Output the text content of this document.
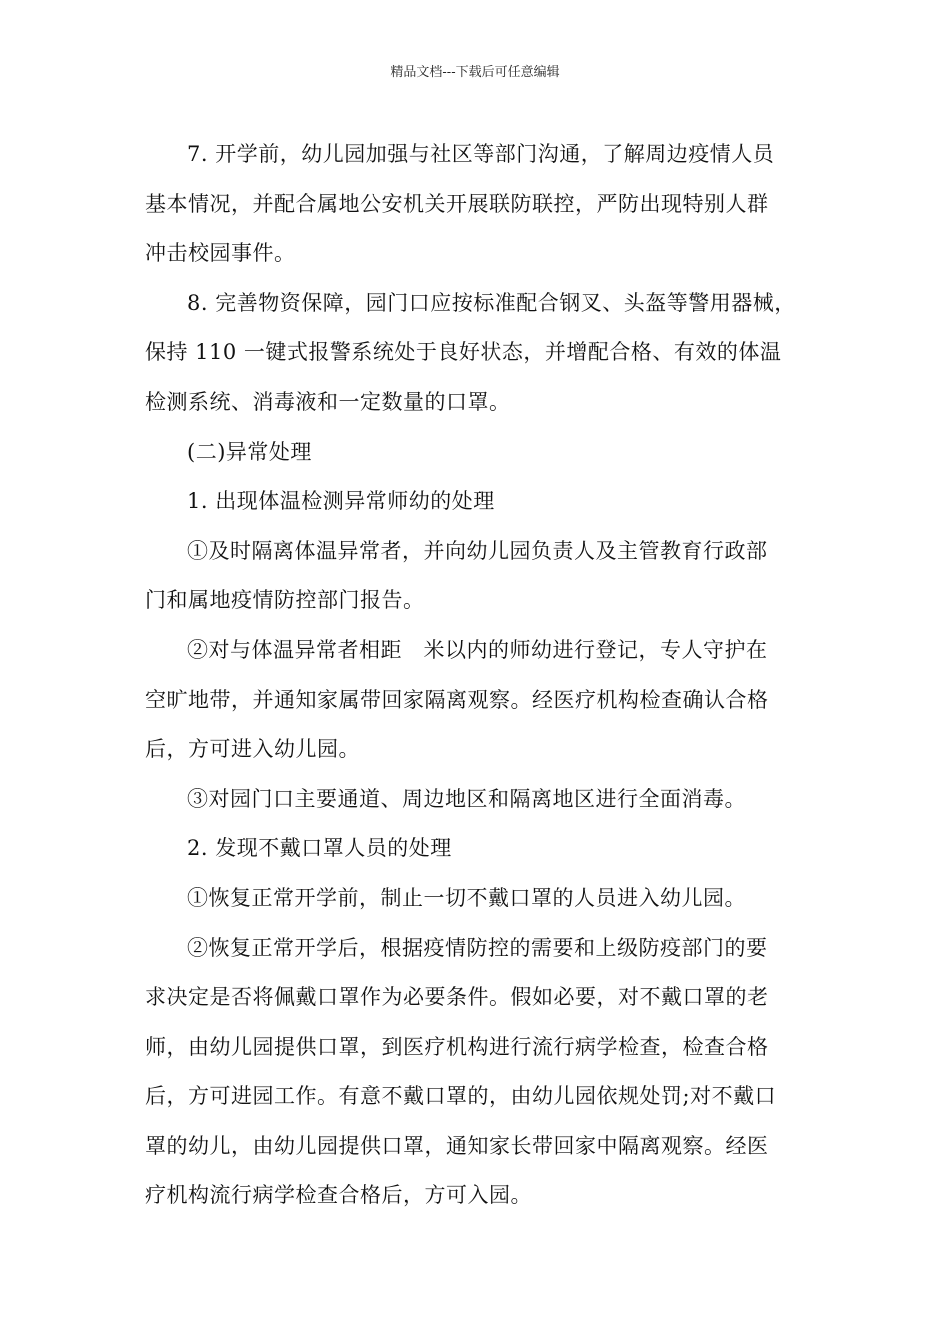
精品文档---下载后可任意编辑

7. 开学前，幼儿园加强与社区等部门沟通，了解周边疫情人员
基本情况，并配合属地公安机关开展联防联控，严防出现特别人群
冲击校园事件。

8. 完善物资保障，园门口应按标准配合钢叉、头盔等警用器械，
保持 110 一键式报警系统处于良好状态，并增配合格、有效的体温
检测系统、消毒液和一定数量的口罩。

(二)异常处理

1. 出现体温检测异常师幼的处理

①及时隔离体温异常者，并向幼儿园负责人及主管教育行政部
门和属地疫情防控部门报告。

②对与体温异常者相距　米以内的师幼进行登记，专人守护在
空旷地带，并通知家属带回家隔离观察。经医疗机构检查确认合格
后，方可进入幼儿园。

③对园门口主要通道、周边地区和隔离地区进行全面消毒。

2. 发现不戴口罩人员的处理

①恢复正常开学前，制止一切不戴口罩的人员进入幼儿园。

②恢复正常开学后，根据疫情防控的需要和上级防疫部门的要
求决定是否将佩戴口罩作为必要条件。假如必要，对不戴口罩的老
师，由幼儿园提供口罩，到医疗机构进行流行病学检查，检查合格
后，方可进园工作。有意不戴口罩的，由幼儿园依规处罚;对不戴口
罩的幼儿，由幼儿园提供口罩，通知家长带回家中隔离观察。经医
疗机构流行病学检查合格后，方可入园。
